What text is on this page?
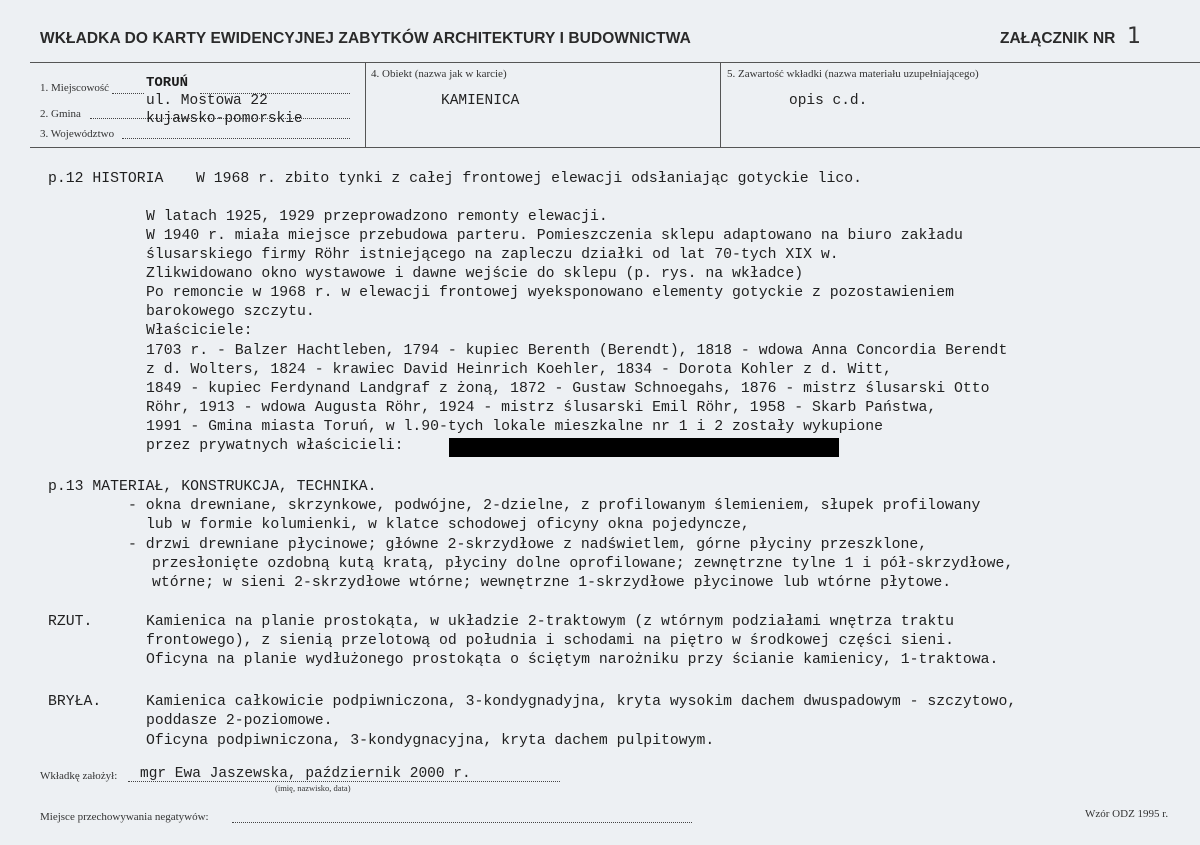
WKŁADKA DO KARTY EWIDENCYJNEJ ZABYTKÓW ARCHITEKTURY I BUDOWNICTWA	ZAŁĄCZNIK NR 1
1. Miejscowość	TORUŃ
ul. Mostowa 22
2. Gmina	kujawsko-pomorskie
3. Województwo
4. Obiekt (nazwa jak w karcie)
KAMIENICA
5. Zawartość wkładki (nazwa materiału uzupełniającego)
opis c.d.
p.12 HISTORIA W 1968 r. zbito tynki z całej frontowej elewacji odsłaniając gotyckie lico.
W latach 1925, 1929 przeprowadzono remonty elewacji.
W 1940 r. miała miejsce przebudowa parteru. Pomieszczenia sklepu adaptowano na biuro zakładu
ślusarskiego firmy Röhr istniejącego na zapleczu działki od lat 70-tych XIX w.
Zlikwidowano okno wystawowe i dawne wejście do sklepu (p. rys. na wkładce)
Po remoncie w 1968 r. w elewacji frontowej wyeksponowano elementy gotyckie z pozostawieniem
barokowego szczytu.
Właściciele:
1703 r. - Balzer Hachtleben, 1794 - kupiec Berenth (Berendt), 1818 - wdowa Anna Concordia Berendt
z d. Wolters, 1824 - krawiec David Heinrich Koehler, 1834 - Dorota Kohler z d. Witt,
1849 - kupiec Ferdynand Landgraf z żoną, 1872 - Gustaw Schnoegahs, 1876 - mistrz ślusarski Otto
Röhr, 1913 - wdowa Augusta Röhr, 1924 - mistrz ślusarski Emil Röhr, 1958 - Skarb Państwa,
1991 - Gmina miasta Toruń, w l.90-tych lokale mieszkalne nr 1 i 2 zostały wykupione
przez prywatnych właścicieli:
p.13 MATERIAŁ, KONSTRUKCJA, TECHNIKA.
- okna drewniane, skrzynkowe, podwójne, 2-dzielne, z profilowanym ślemieniem, słupek profilowany
lub w formie kolumienki, w klatce schodowej oficyny okna pojedyncze,
- drzwi drewniane płycinowe; główne 2-skrzydłowe z nadświetlem, górne płyciny przeszklone,
przesłonięte ozdobną kutą kratą, płyciny dolne oprofilowane; zewnętrzne tylne 1 i pół-skrzydłowe,
wtórne; w sieni 2-skrzydłowe wtórne; wewnętrzne 1-skrzydłowe płycinowe lub wtórne płytowe.
RZUT.	Kamienica na planie prostokąta, w układzie 2-traktowym (z wtórnym podziałami wnętrza traktu
frontowego), z sienią przelotową od południa i schodami na piętro w środkowej części sieni.
Oficyna na planie wydłużonego prostokąta o ściętym narożniku przy ścianie kamienicy, 1-traktowa.
BRYŁA.	Kamienica całkowicie podpiwniczona, 3-kondygnadyjna, kryta wysokim dachem dwuspadowym - szczytowo,
poddasze 2-poziomowe.
Oficyna podpiwniczona, 3-kondygnacyjna, kryta dachem pulpitowym.
Wkładkę założył: mgr Ewa Jaszewska, październik 2000 r.
(imię, nazwisko, data)
Miejsce przechowywania negatywów:	Wzór ODZ 1995 r.
